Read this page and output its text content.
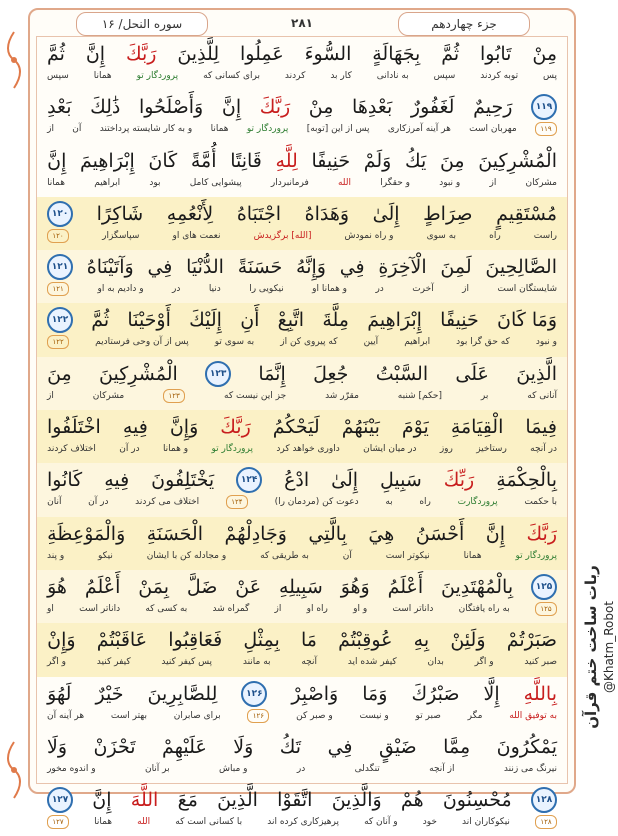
سوره النحل/ ۱۶	۲۸۱	جزء چهاردهم
ثُمَّ إِنَّ رَبَّكَ لِلَّذِينَ عَمِلُوا السُّوءَ بِجَهَالَةٍ ثُمَّ تَابُوا مِنْ
سپس	همانا	پروردگار تو	برای کسانی که	کردند	کار بد	به نادانی	سپس	توبه کردند	پس
بَعْدِ ذَٰلِكَ وَأَصْلَحُوا إِنَّ رَبَّكَ مِنْ بَعْدِهَا لَغَفُورٌ رَحِيمٌ	۱۱۹
از آن و به کار شایسته پرداختند همانا پروردگار تو پس از این [توبه] هر آینه آمرزکاری مهربان است	۱۱۹
إِنَّ إِبْرَاهِيمَ كَانَ أُمَّةً قَانِتًا لِلَّهِ حَنِيفًا وَلَمْ يَكُ مِنَ الْمُشْرِكِينَ
همانا	ابراهیم	بود	پیشوایی کامل	فرمانبردار	الله	و حقگرا	و نبود	از	مشرکان
۱۲۰ شَاكِرًا لِأَنْعُمِهِ اجْتَبَاهُ وَهَدَاهُ إِلَىٰ صِرَاطٍ مُسْتَقِيمٍ
۱۲۰	سپاسگزار	نعمت های او	[الله] برگزیدش	و راه نمودش	به سوی	راه	راست
۱۲۱ وَآتَيْنَاهُ فِي الدُّنْيَا حَسَنَةً وَإِنَّهُ فِي الْآخِرَةِ لَمِنَ الصَّالِحِينَ
۱۲۱	و دادیم به او	در	دنیا	نیکویی را	و همانا او	در	آخرت	از	شایستگان است
۱۲۲ ثُمَّ أَوْحَيْنَا إِلَيْكَ أَنِ اتَّبِعْ مِلَّةَ إِبْرَاهِيمَ حَنِيفًا وَمَا كَانَ
۱۲۲	پس از آن وحی فرستادیم	به سوی تو	که پیروی کن از	آیین	ابراهیم	که حق گرا بود	و نبود
مِنَ الْمُشْرِكِينَ	۱۲۳ إِنَّمَا جُعِلَ السَّبْتُ عَلَى الَّذِينَ
از	مشرکان	۱۲۳	جز این نیست که	مقرّر شد	[حکم] شنبه	بر	آنانی که
اخْتَلَفُوا فِيهِ وَإِنَّ رَبَّكَ لَيَحْكُمُ بَيْنَهُمْ يَوْمَ الْقِيَامَةِ فِيمَا
اختلاف کردند	در آن	و همانا	پروردگار تو	داوری خواهد کرد	در میان ایشان	روز	رستاخیز	در آنچه
كَانُوا فِيهِ يَخْتَلِفُونَ	۱۲۴ ادْعُ إِلَىٰ سَبِيلِ رَبِّكَ بِالْحِكْمَةِ
آنان	در آن	اختلاف می کردند	۱۲۴	دعوت کن (مردمان را)	به	راه	پروردگارت	با حکمت
وَالْمَوْعِظَةِ الْحَسَنَةِ وَجَادِلْهُمْ بِالَّتِي هِيَ أَحْسَنُ إِنَّ رَبَّكَ
و پند	نیکو	و مجادله کن با ایشان	به طریقی که	آن	نیکوتر است	همانا	پروردگار تو
هُوَ أَعْلَمُ بِمَنْ ضَلَّ عَنْ سَبِيلِهِ وَهُوَ أَعْلَمُ بِالْمُهْتَدِينَ	۱۲۵
او	داناتر است	به کسی که	گمراه شد	از	راه او	و او	داناتر است	به راه یافتگان	۱۲۵
وَإِنْ عَاقَبْتُمْ فَعَاقِبُوا بِمِثْلِ مَا عُوقِبْتُمْ بِهِ وَلَئِنْ صَبَرْتُمْ
و اگر	کیفر کنید	پس کیفر کنید	به مانند	آنچه	کیفر شده اید	بدان	و اگر	صبر کنید
لَهُوَ خَيْرٌ لِلصَّابِرِينَ	۱۲۶ وَاصْبِرْ وَمَا صَبْرُكَ إِلَّا بِاللَّهِ
هر آینه آن	بهتر است	برای صابران	۱۲۶	و صبر کن	و نیست	صبر تو	مگر	به توفیق الله
وَلَا تَحْزَنْ عَلَيْهِمْ وَلَا تَكُ فِي ضَيْقٍ مِمَّا يَمْكُرُونَ
و اندوه مخور	بر آنان	و مباش	در	تنگدلی	از آنچه	نیرنگ می زنند
۱۲۷ إِنَّ اللَّهَ مَعَ الَّذِينَ اتَّقَوْا وَالَّذِينَ هُمْ مُحْسِنُونَ	۱۲۸
۱۲۷	همانا	الله	با کسانی است که	پرهیزکاری کرده اند	و آنان که	خود	نیکوکاران اند	۱۲۸
ربات ساخت ختم قرآن @Khatm_Robot
